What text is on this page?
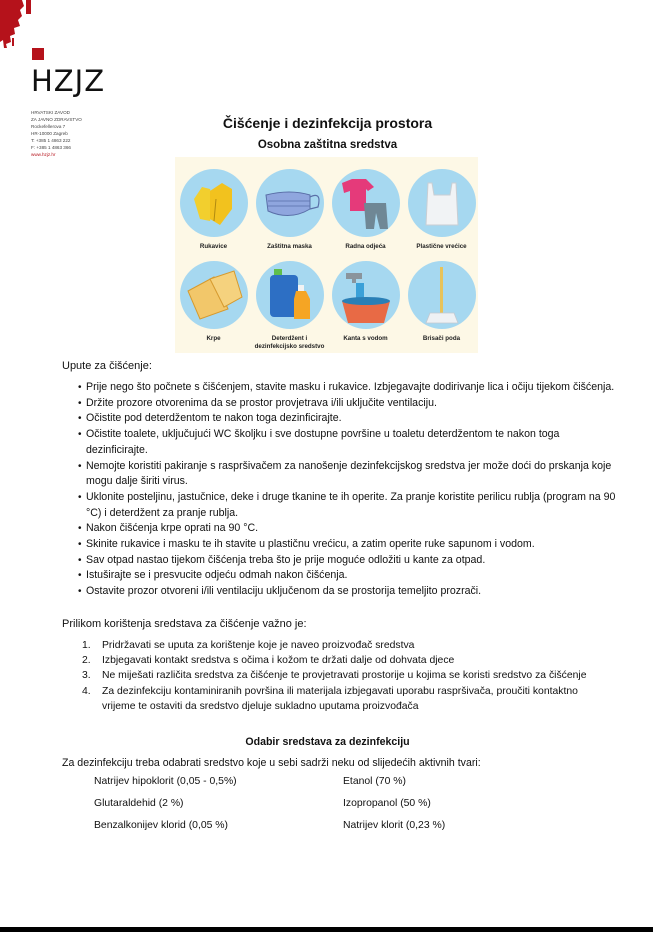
HZJZ
HRVATSKI ZAVOD
ZA JAVNO ZDRAVSTVO
Rockefellerova 7
HR-10000 Zagreb
T: +385 1 4863 222
F: +385 1 4863 366
www.hzjz.hr
Čišćenje i dezinfekcija prostora
Osobna zaštitna sredstva
Rukavice	Zaštitna maska	Radna odjeća	Plastične vrećice
Krpe	Deterdžent i dezinfekcijsko sredstvo
Kanta s vodom	Brisači poda
Upute za čišćenje:
• Prije nego što počnete s čišćenjem, stavite masku i rukavice. Izbjegavajte dodirivanje lica i očiju tijekom čišćenja.
• Držite prozore otvorenima da se prostor provjetrava i/ili uključite ventilaciju.
• Očistite pod deterdžentom te nakon toga dezinficirajte.
• Očistite toalete, uključujući WC školjku i sve dostupne površine u toaletu deterdžentom te nakon toga dezinficirajte.
• Nemojte koristiti pakiranje s raspršivačem za nanošenje dezinfekcijskog sredstva jer može doći do prskanja koje mogu dalje širiti virus.
• Uklonite posteljinu, jastučnice, deke i druge tkanine te ih operite. Za pranje koristite perilicu rublja (program na 90 °C) i deterdžent za pranje rublja.
• Nakon čišćenja krpe oprati na 90 °C.
• Skinite rukavice i masku te ih stavite u plastičnu vrećicu, a zatim operite ruke sapunom i vodom.
• Sav otpad nastao tijekom čišćenja treba što je prije moguće odložiti u kante za otpad.
• Istuširajte se i presvucite odjeću odmah nakon čišćenja.
• Ostavite prozor otvoreni i/ili ventilaciju uključenom da se prostorija temeljito prozrači.
Prilikom korištenja sredstava za čišćenje važno je:
1. Pridržavati se uputa za korištenje koje je naveo proizvođač sredstva
2. Izbjegavati kontakt sredstva s očima i kožom te držati dalje od dohvata djece
3. Ne miješati različita sredstva za čišćenje te provjetravati prostorije u kojima se koristi sredstvo za čišćenje
4. Za dezinfekciju kontaminiranih površina ili materijala izbjegavati uporabu raspršivača, proučiti kontaktno vrijeme te ostaviti da sredstvo djeluje sukladno uputama proizvođača
Odabir sredstava za dezinfekciju
Za dezinfekciju treba odabrati sredstvo koje u sebi sadrži neku od slijedećih aktivnih tvari:
Natrijev hipoklorit (0,05 - 0,5%)	Etanol (70 %)
Glutaraldehid (2 %)	Izopropanol (50 %)
Benzalkonijev klorid (0,05 %)	Natrijev klorit (0,23 %)
